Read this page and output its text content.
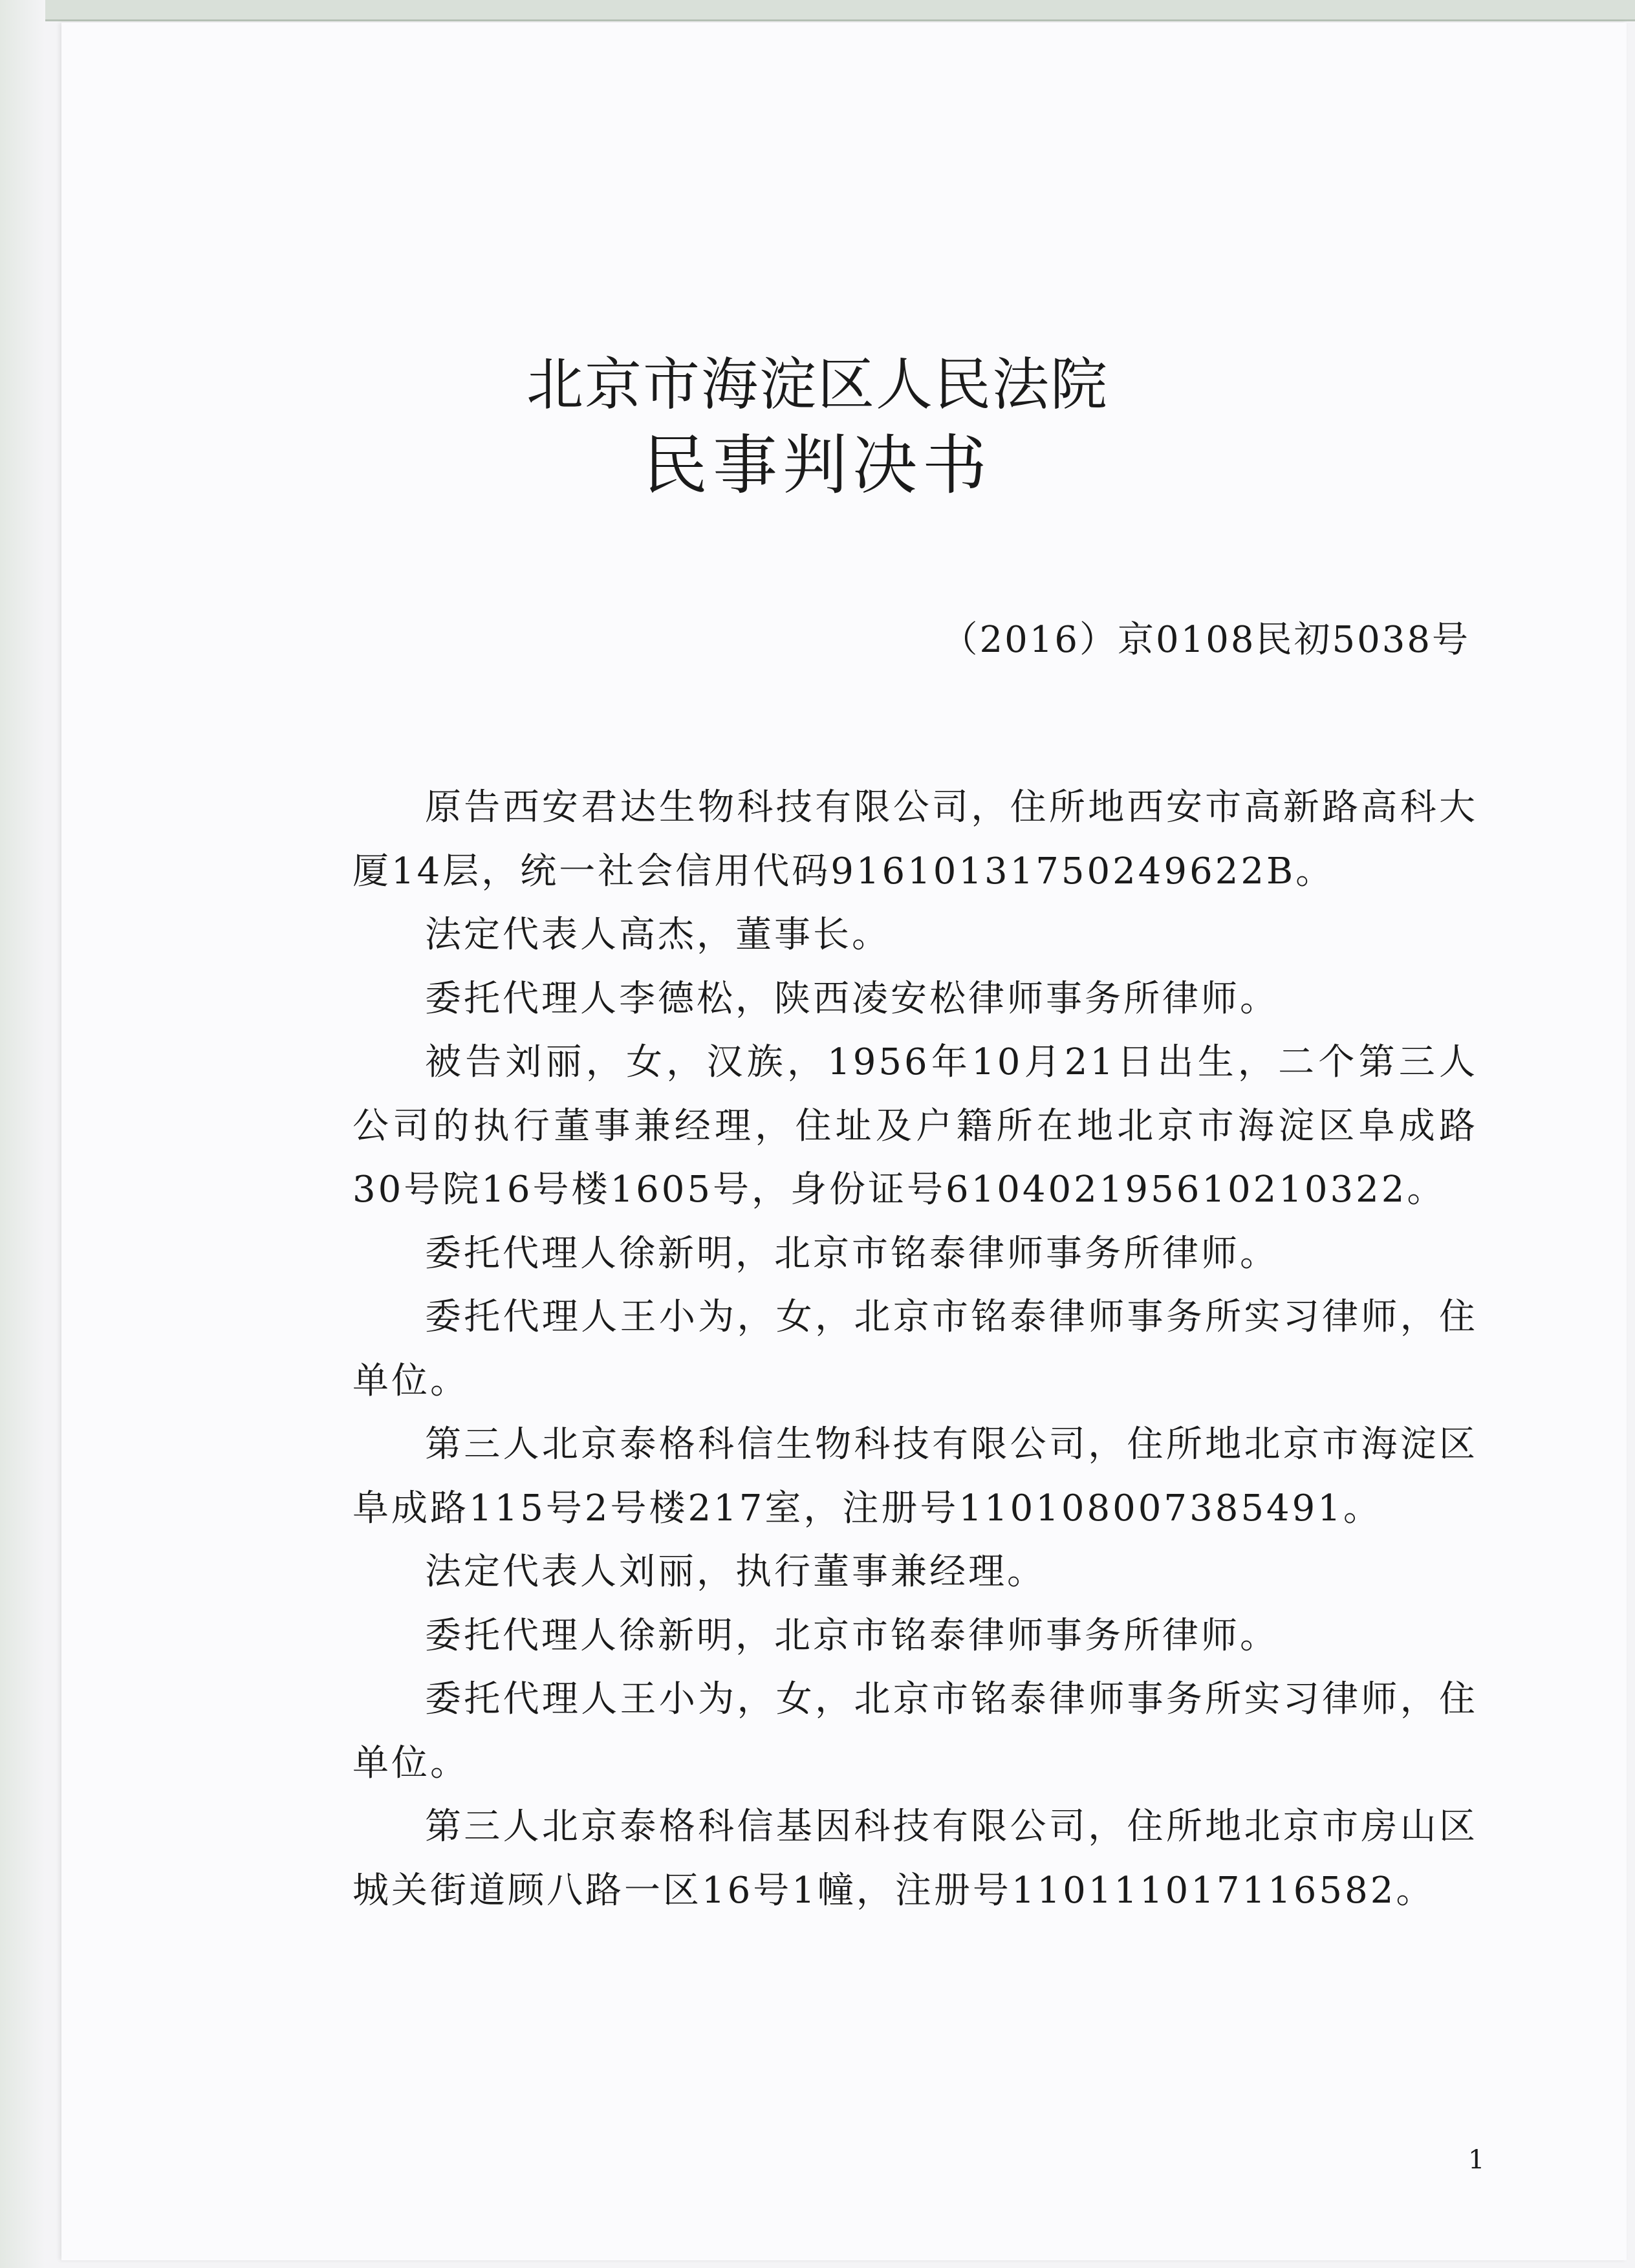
北京市海淀区人民法院
民事判决书
（2016）京0108民初5038号

原告西安君达生物科技有限公司，住所地西安市高新路高科大厦14层，统一社会信用代码91610131750249622B。

法定代表人高杰，董事长。

委托代理人李德松，陕西凌安松律师事务所律师。

被告刘丽，女，汉族，1956年10月21日出生，二个第三人公司的执行董事兼经理，住址及户籍所在地北京市海淀区阜成路30号院16号楼1605号，身份证号610402195610210322。

委托代理人徐新明，北京市铭泰律师事务所律师。

委托代理人王小为，女，北京市铭泰律师事务所实习律师，住单位。

第三人北京泰格科信生物科技有限公司，住所地北京市海淀区阜成路115号2号楼217室，注册号110108007385491。

法定代表人刘丽，执行董事兼经理。

委托代理人徐新明，北京市铭泰律师事务所律师。

委托代理人王小为，女，北京市铭泰律师事务所实习律师，住单位。

第三人北京泰格科信基因科技有限公司，住所地北京市房山区城关街道顾八路一区16号1幢，注册号110111017116582。

1
